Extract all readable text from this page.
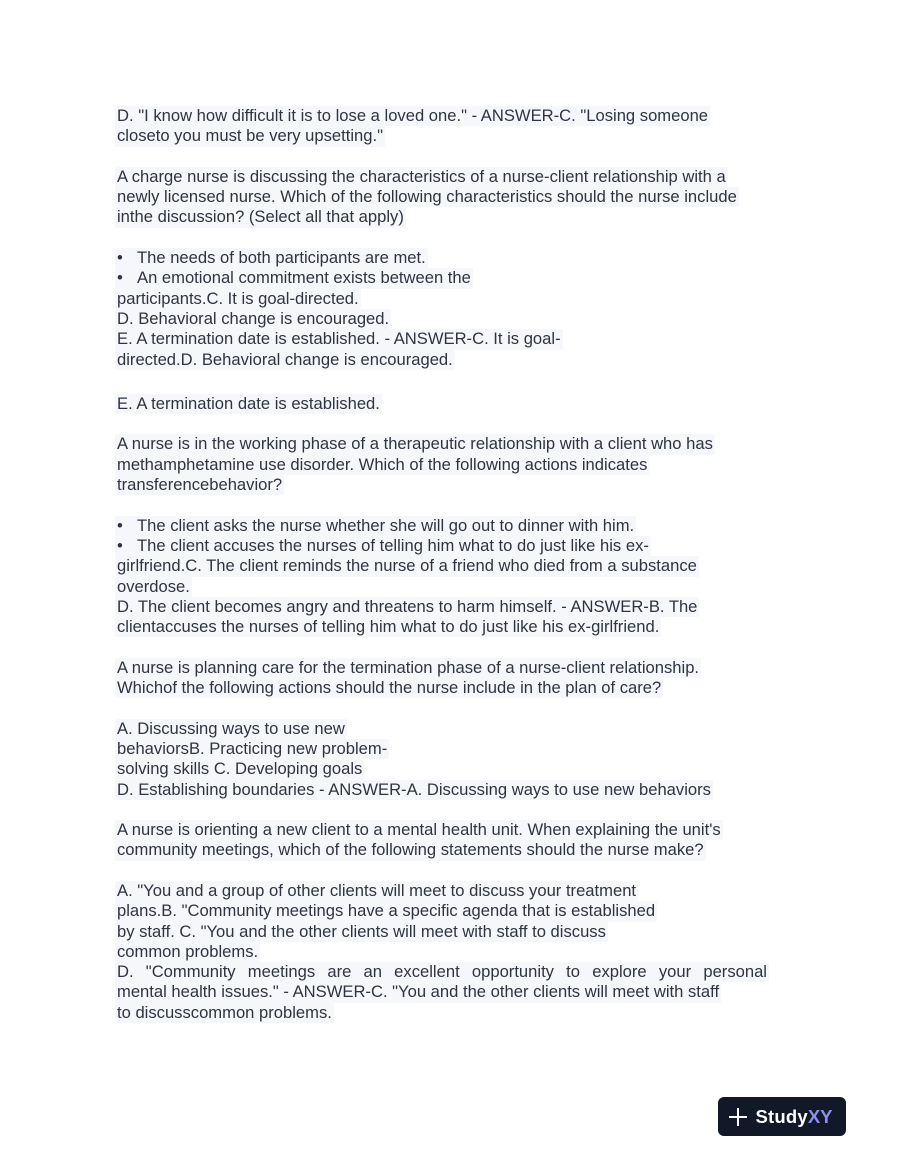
D. "I know how difficult it is to lose a loved one." - ANSWER-C. "Losing someone
closeto you must be very upsetting."
A charge nurse is discussing the characteristics of a nurse-client relationship with a
newly licensed nurse. Which of the following characteristics should the nurse include
inthe discussion? (Select all that apply)
• The needs of both participants are met.
• An emotional commitment exists between the
participants.C. It is goal-directed.
D. Behavioral change is encouraged.
E. A termination date is established. - ANSWER-C. It is goal-
directed.D. Behavioral change is encouraged.
E. A termination date is established.
A nurse is in the working phase of a therapeutic relationship with a client who has
methamphetamine use disorder. Which of the following actions indicates
transferencebehavior?
• The client asks the nurse whether she will go out to dinner with him.
• The client accuses the nurses of telling him what to do just like his ex-
girlfriend.C. The client reminds the nurse of a friend who died from a substance
overdose.
D. The client becomes angry and threatens to harm himself. - ANSWER-B. The
clientaccuses the nurses of telling him what to do just like his ex-girlfriend.
A nurse is planning care for the termination phase of a nurse-client relationship.
Whichof the following actions should the nurse include in the plan of care?
A. Discussing ways to use new
behaviorsB. Practicing new problem-
solving skills C. Developing goals
D. Establishing boundaries - ANSWER-A. Discussing ways to use new behaviors
A nurse is orienting a new client to a mental health unit. When explaining the unit's
community meetings, which of the following statements should the nurse make?
A. "You and a group of other clients will meet to discuss your treatment
plans.B. "Community meetings have a specific agenda that is established
by staff. C. "You and the other clients will meet with staff to discuss
common problems.
D. "Community meetings are an excellent opportunity to explore your personal
mental health issues." - ANSWER-C. "You and the other clients will meet with staff
to discusscommon problems.
Study XY
